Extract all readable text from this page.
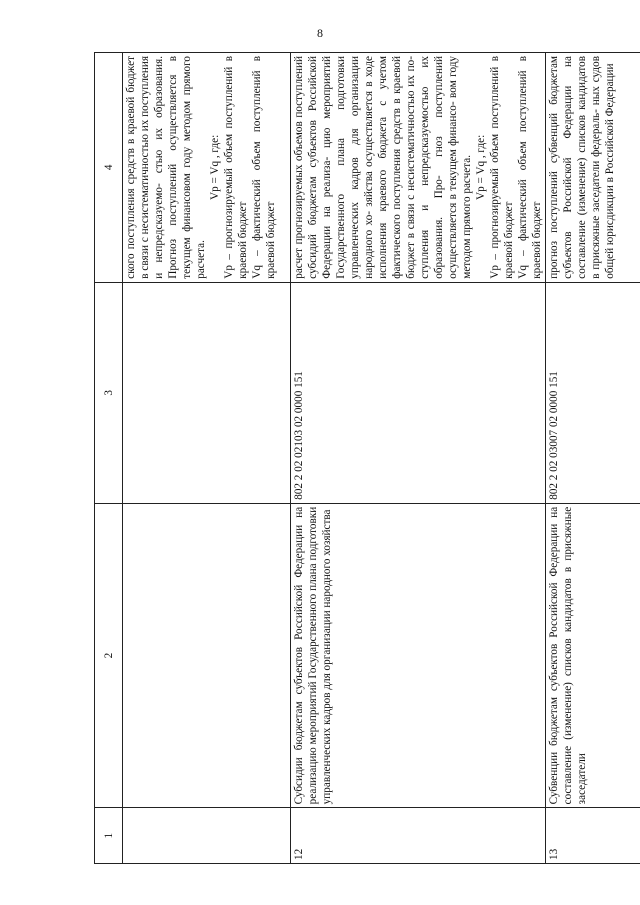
8
1	2	3	4

			ского поступления средств в краевой бюджет в связи с несистематичностью их поступления и непредсказуемо- стью их образования. Прогноз поступлений осуществляется в текущем финансовом году методом прямого расчета.

Vp = Vq , где: Vp – прогнозируемый объем поступлений в краевой бюджет Vq – фактический объем поступлений в краевой бюджет

12	Субсидии бюджетам субъектов Российской Федерации на реализацию мероприятий Государственного плана подготовки управленческих кадров для организации народного хозяйства	802 2 02 02103 02 0000 151	расчет прогнозируемых объемов поступлений субсидий бюджетам субъектов Российской Федерации на реализа- цию мероприятий Государственного плана подготовки управленческих кадров для организации народного хо- зяйства осуществляется в ходе исполнения краевого бюджета с учетом фактического поступления средств в краевой бюджет в связи с несистематичностью их по- ступления и непредсказуемостью их образования. Про- гноз поступлений осуществляется в текущем финансо- вом году методом прямого расчета. Vp = Vq , где: Vp – прогнозируемый объем поступлений в краевой бюджет Vq – фактический объем поступлений в краевой бюджет

13	Субвенции бюджетам субъектов Российской Федерации на составление (изменение) списков кандидатов в присяжные заседатели	802 2 02 03007 02 0000 151	прогноз поступлений субвенций бюджетам субъектов Российской Федерации на составление (изменение) списков кандидатов в присяжные заседатели федераль- ных судов общей юрисдикции в Российской Федерации
